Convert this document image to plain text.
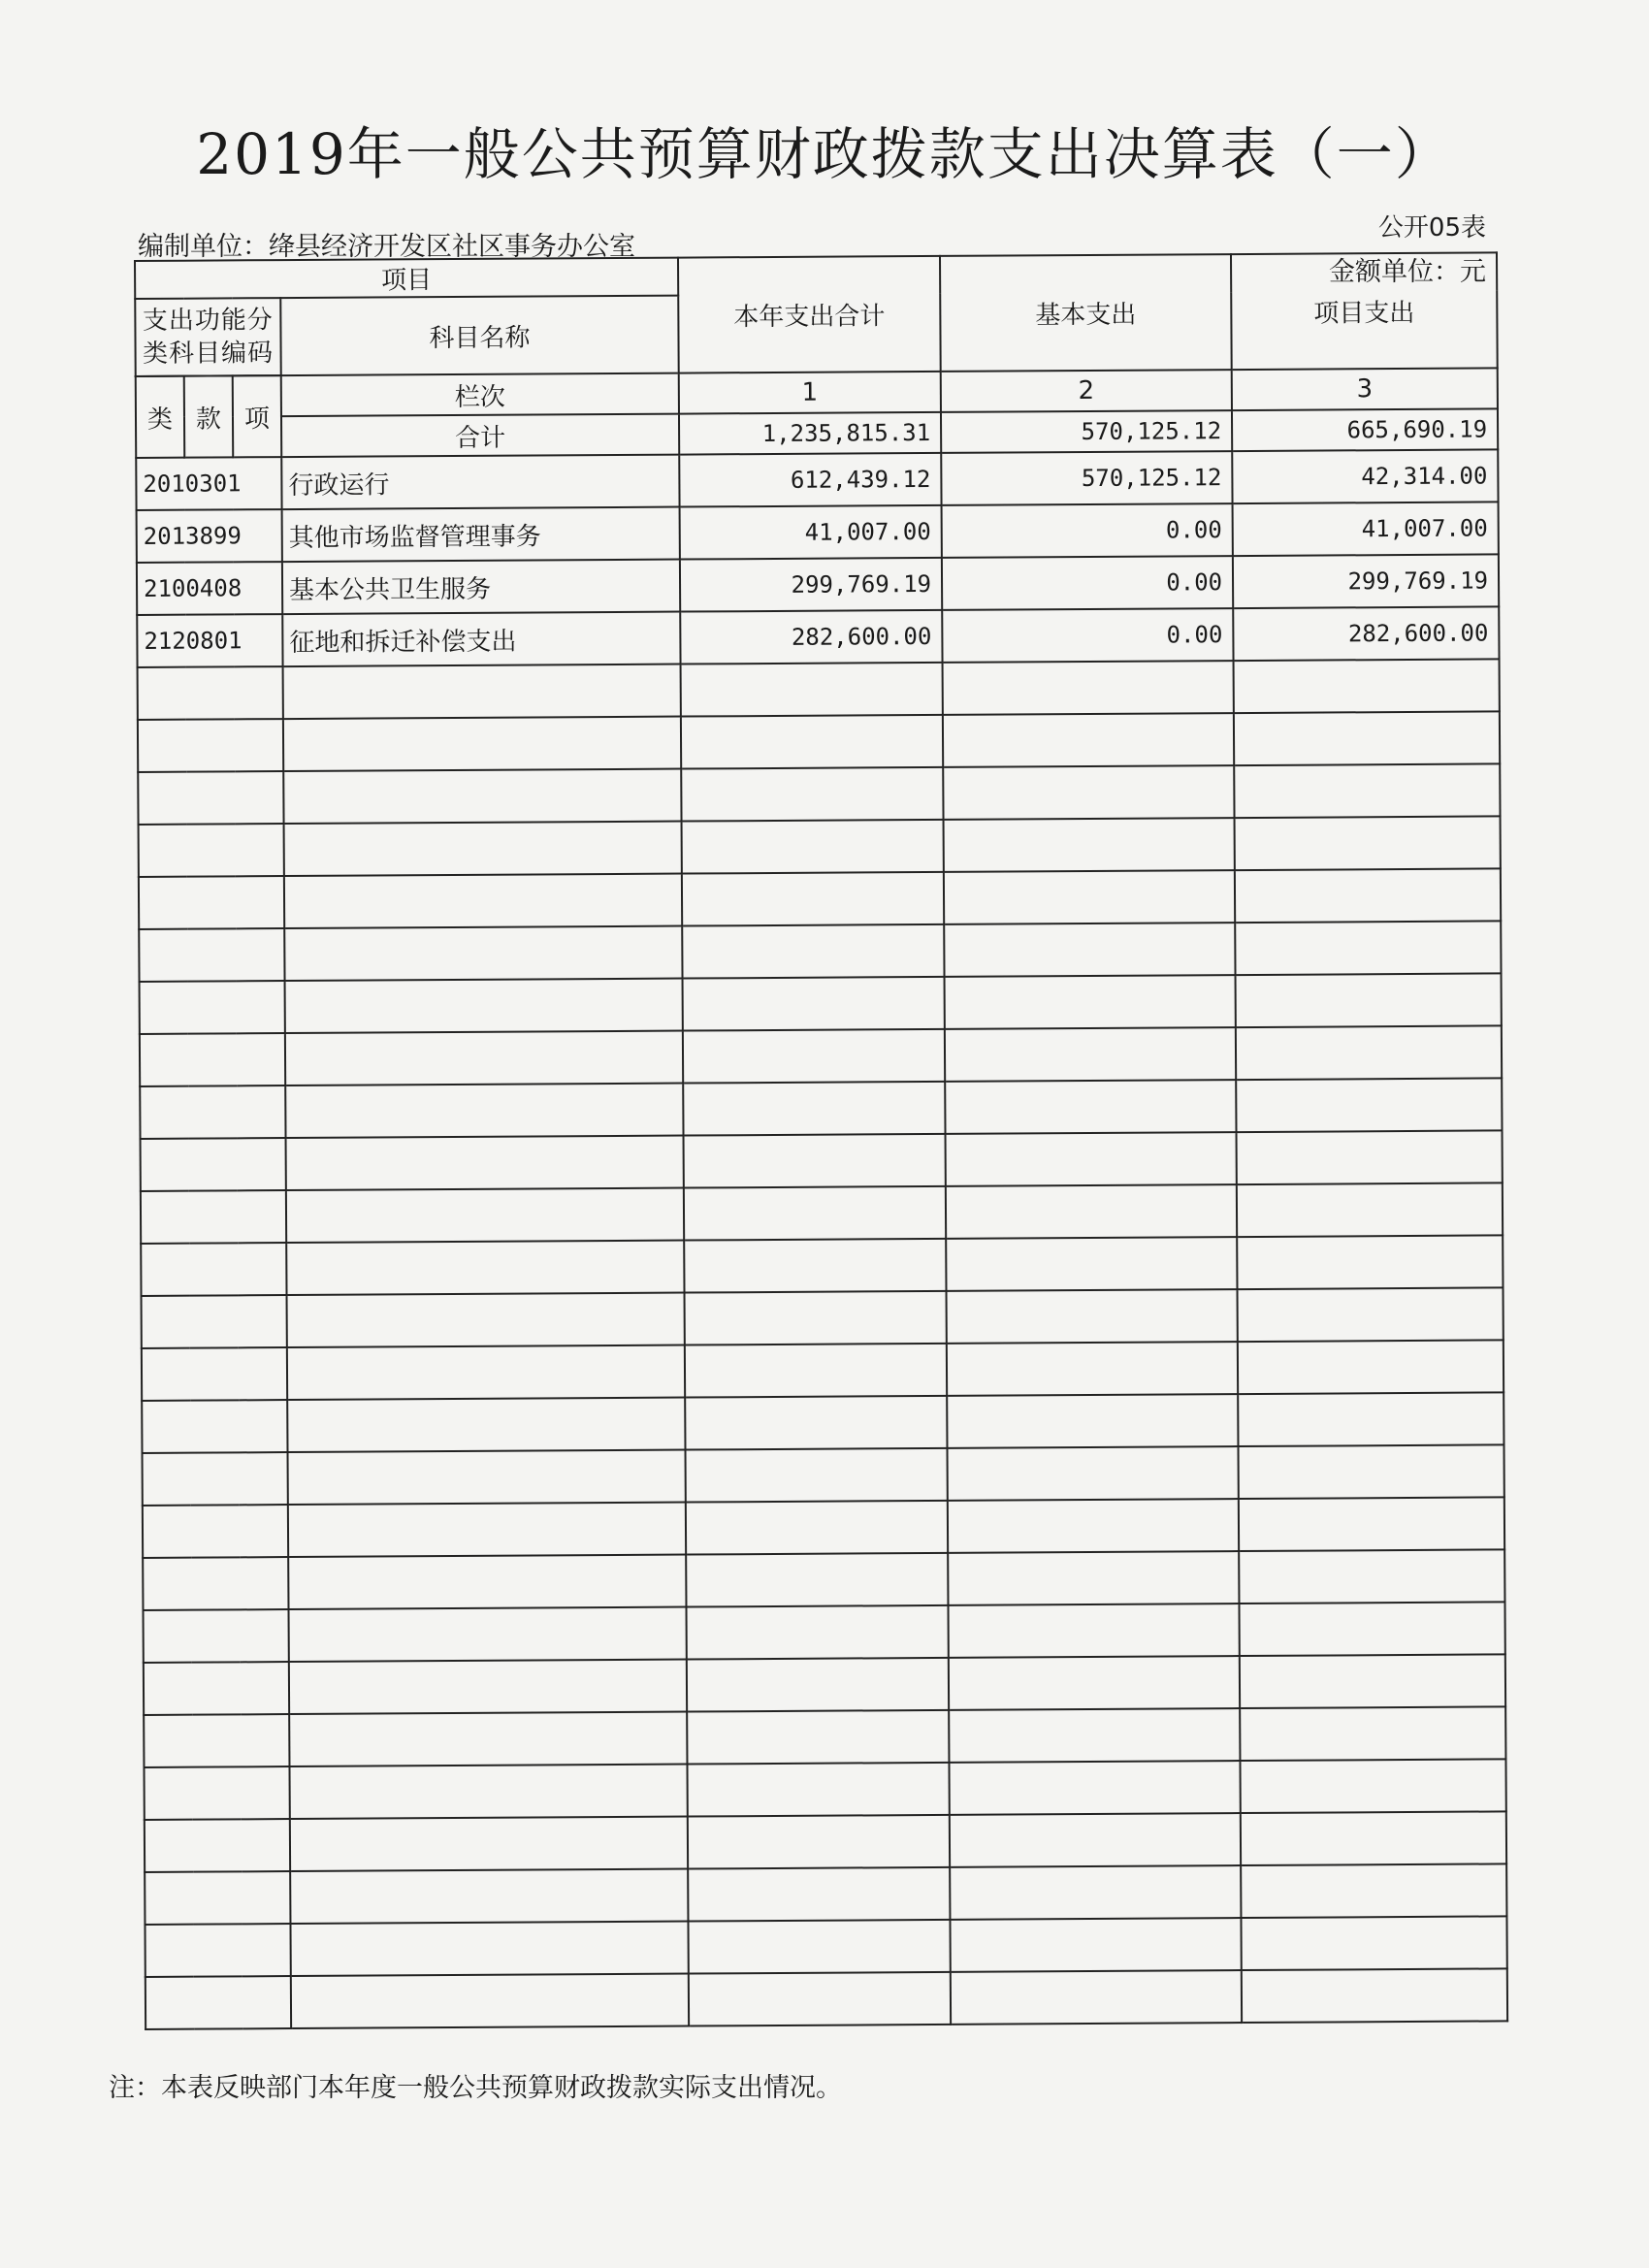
2019年一般公共预算财政拨款支出决算表（一）
公开05表
编制单位：绛县经济开发区社区事务办公室
金额单位：元
项目				本年支出合计	基本支出	项目支出
支出功能分类科目编码			科目名称			

类	款	项	栏次	1	2	3
			合计	1,235,815.31	570,125.12	665,690.19
2010301			行政运行	612,439.12	570,125.12	42,314.00
2013899			其他市场监督管理事务	41,007.00	0.00	41,007.00
2100408			基本公共卫生服务	299,769.19	0.00	299,769.19
2120801			征地和拆迁补偿支出	282,600.00	0.00	282,600.00

注：本表反映部门本年度一般公共预算财政拨款实际支出情况。
